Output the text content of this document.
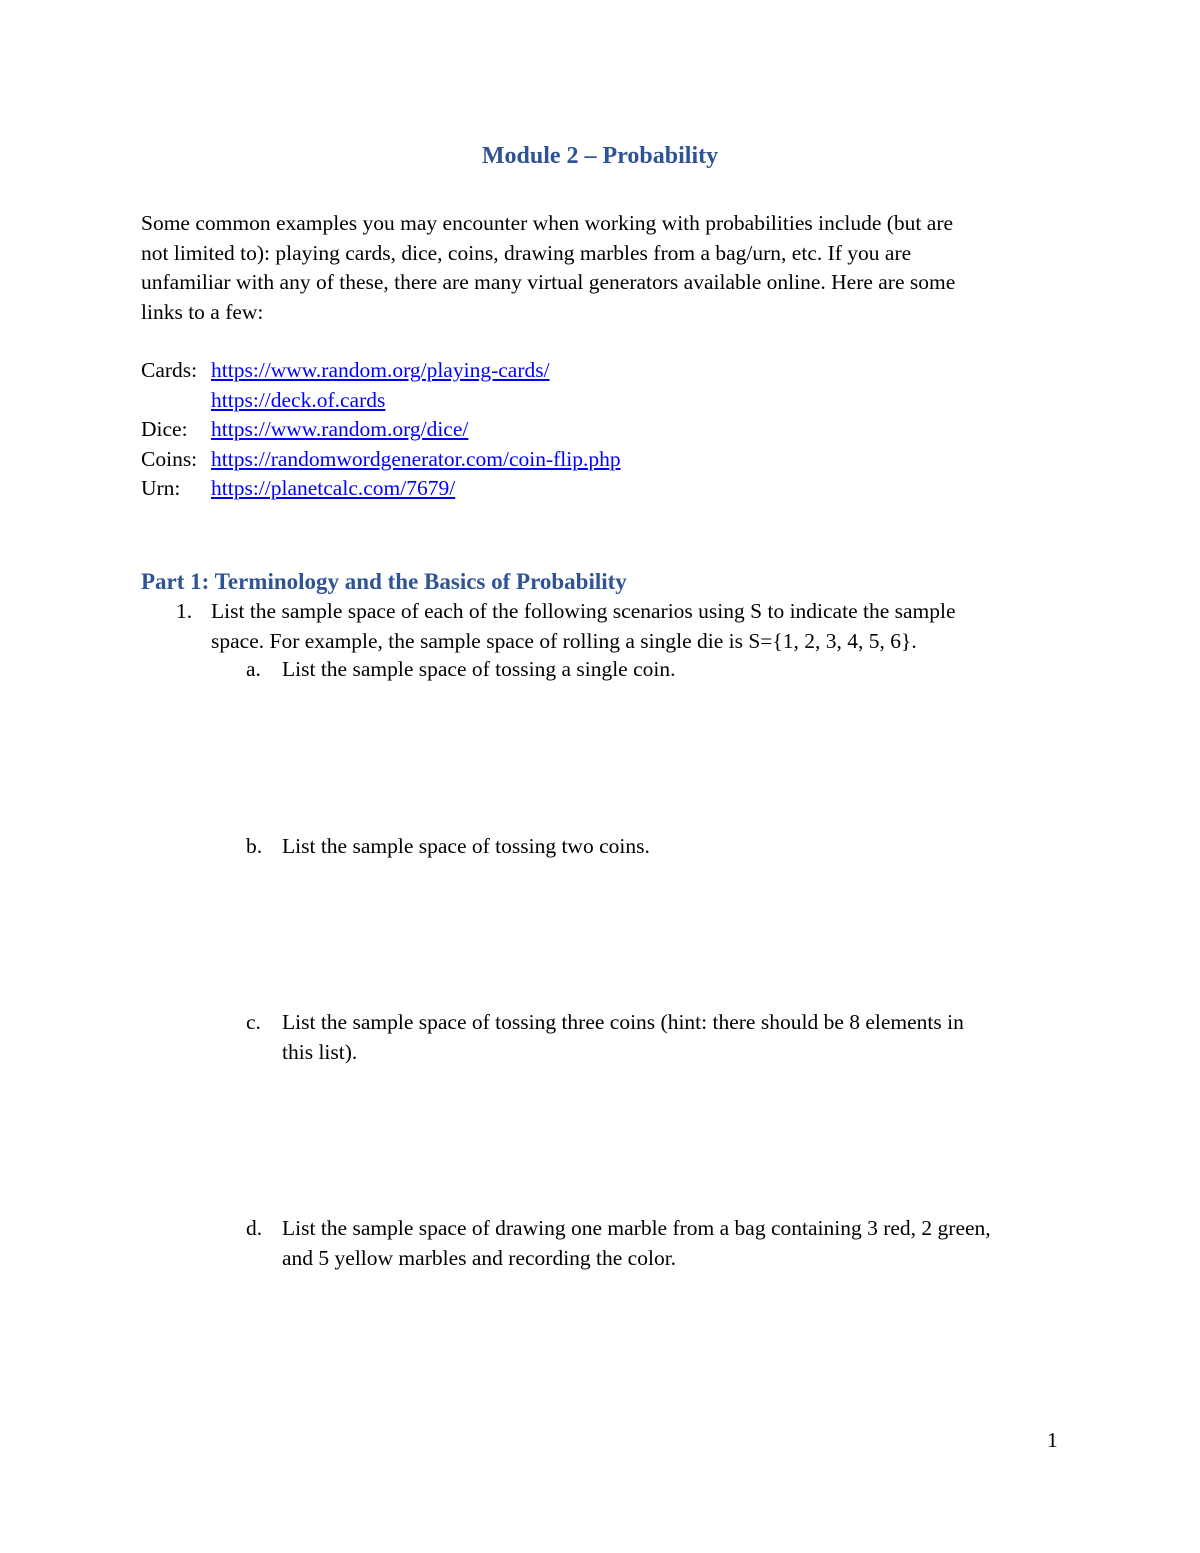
Module 2 – Probability
Some common examples you may encounter when working with probabilities include (but are
not limited to): playing cards, dice, coins, drawing marbles from a bag/urn, etc. If you are
unfamiliar with any of these, there are many virtual generators available online. Here are some
links to a few:
Cards: https://www.random.org/playing-cards/
https://deck.of.cards
Dice: https://www.random.org/dice/
Coins: https://randomwordgenerator.com/coin-flip.php
Urn: https://planetcalc.com/7679/
Part 1: Terminology and the Basics of Probability
1. List the sample space of each of the following scenarios using S to indicate the sample
space. For example, the sample space of rolling a single die is S={1, 2, 3, 4, 5, 6}.
a. List the sample space of tossing a single coin.
b. List the sample space of tossing two coins.
c. List the sample space of tossing three coins (hint: there should be 8 elements in
this list).
d. List the sample space of drawing one marble from a bag containing 3 red, 2 green,
and 5 yellow marbles and recording the color.
1
